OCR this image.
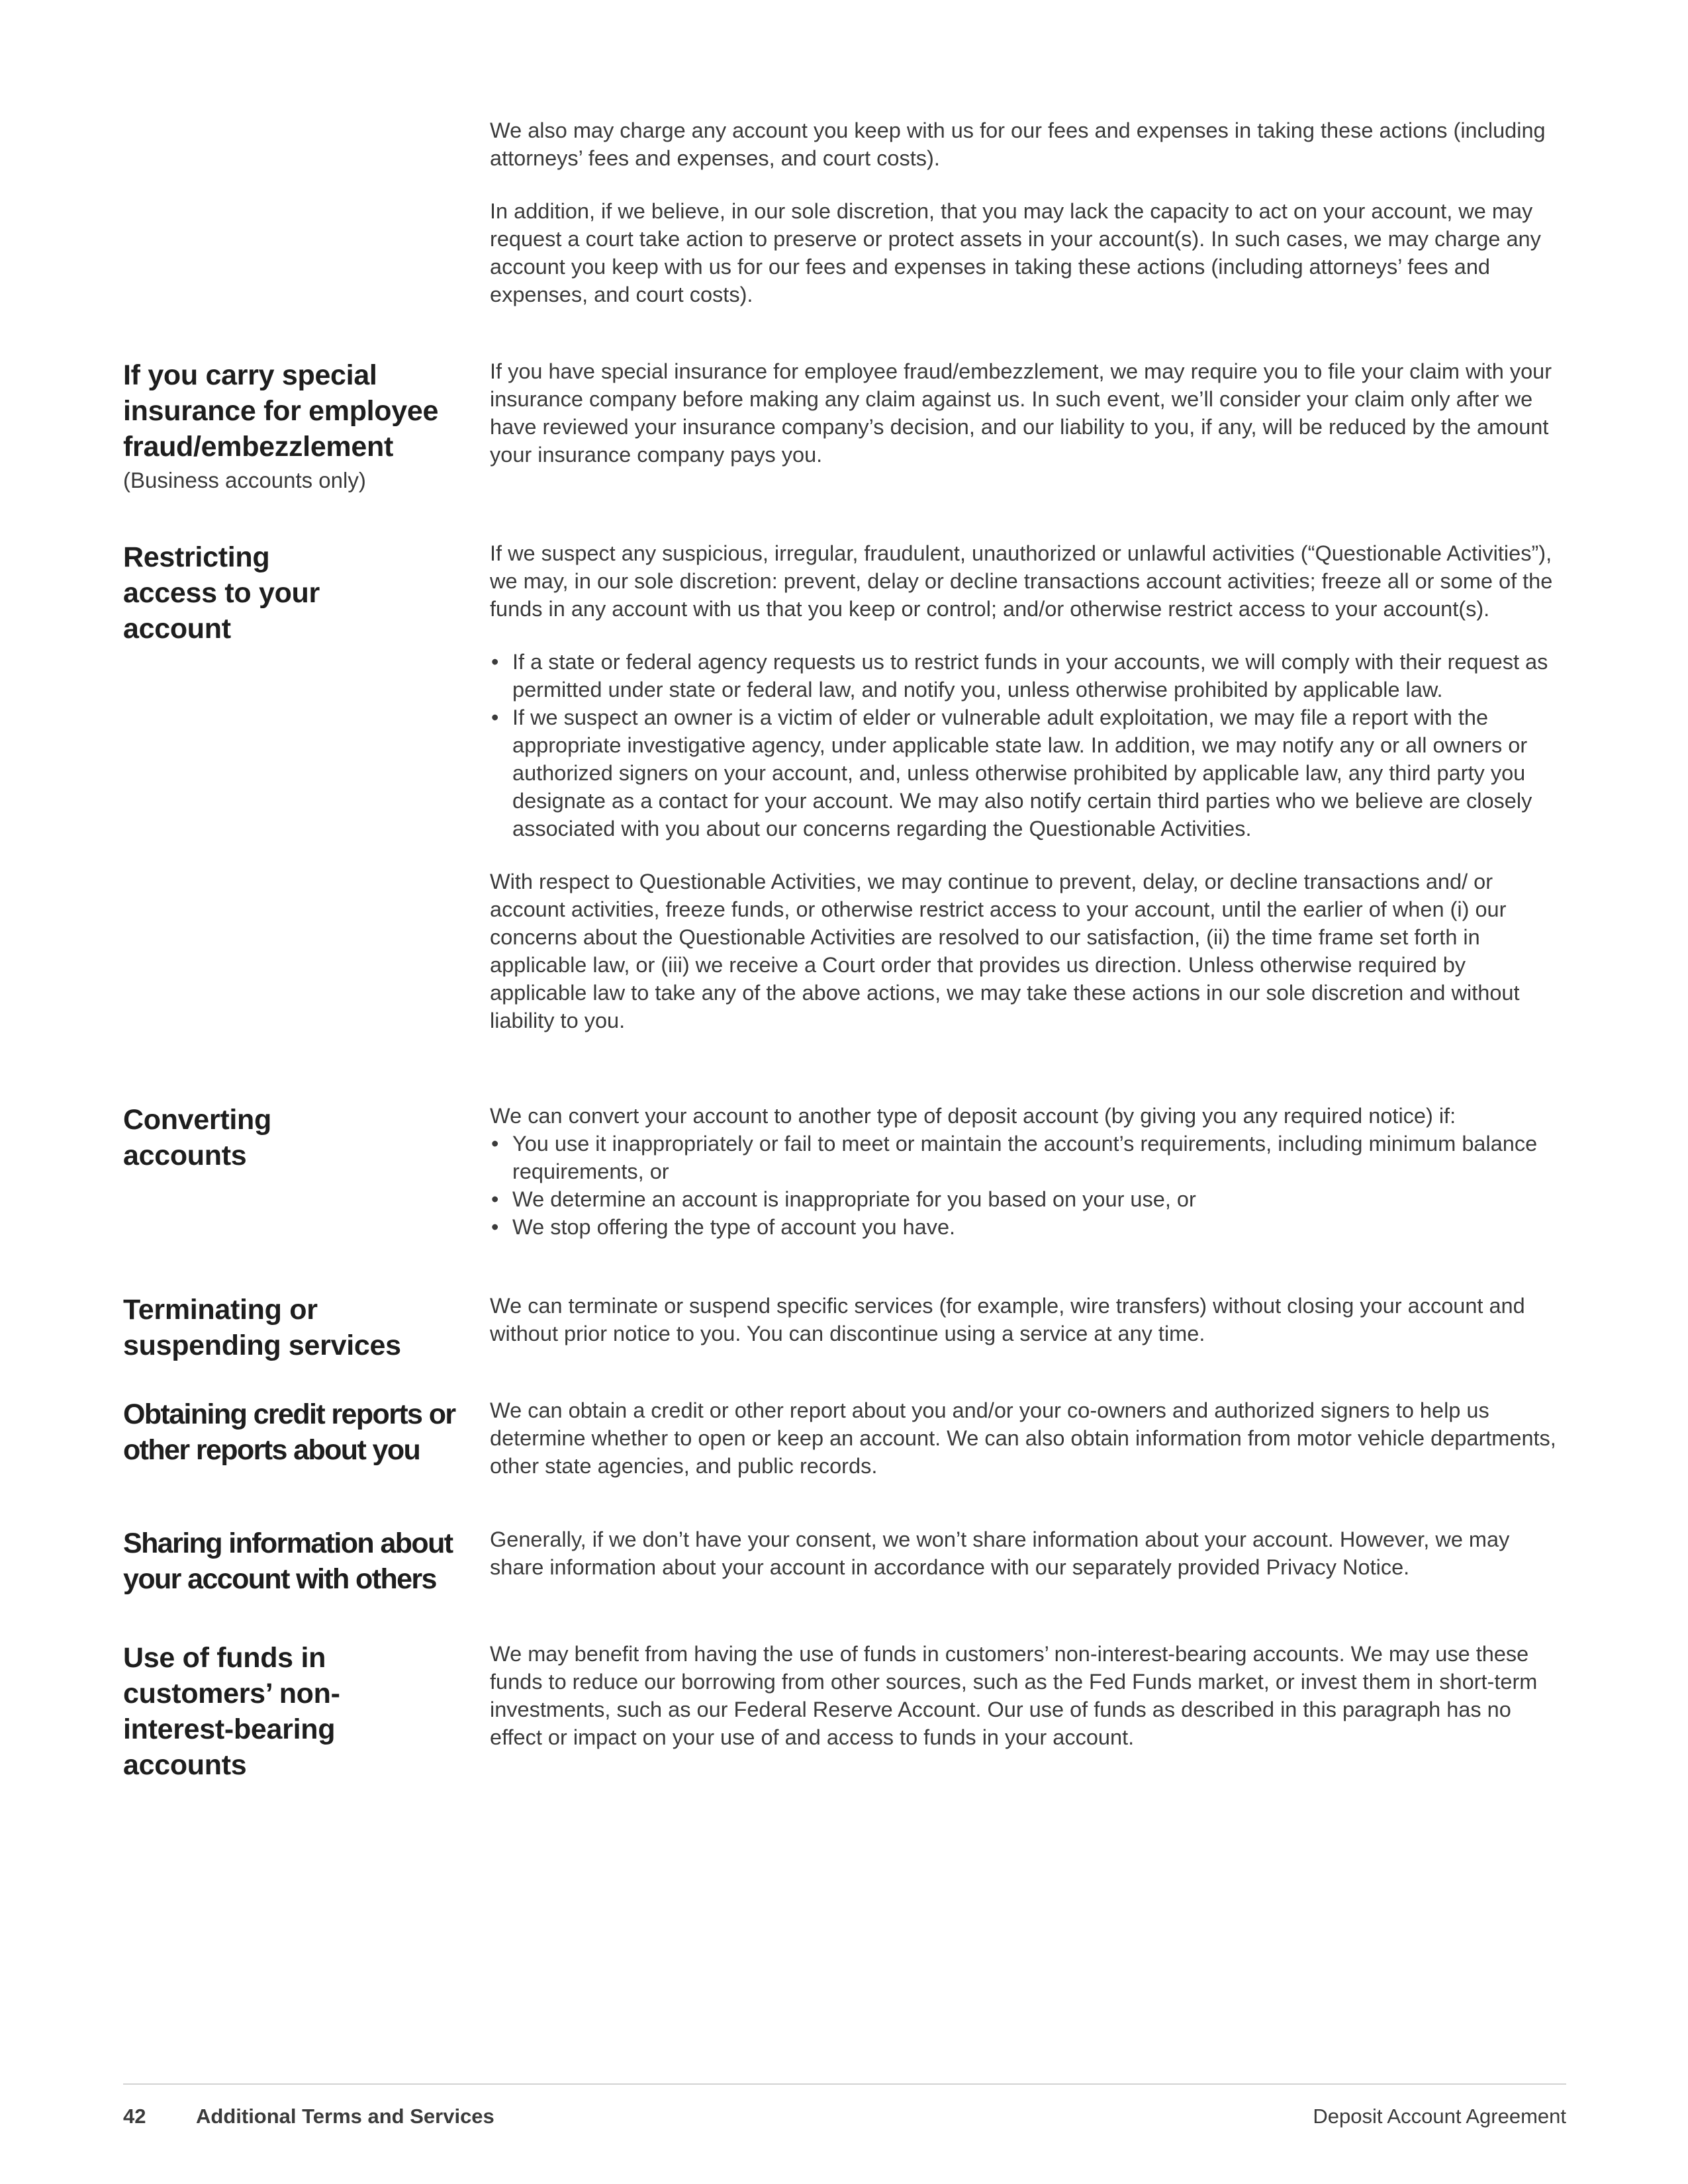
We also may charge any account you keep with us for our fees and expenses in taking these actions (including attorneys’ fees and expenses, and court costs).

In addition, if we believe, in our sole discretion, that you may lack the capacity to act on your account, we may request a court take action to preserve or protect assets in your account(s). In such cases, we may charge any account you keep with us for our fees and expenses in taking these actions (including attorneys’ fees and expenses, and court costs).

If you carry special insurance for employee fraud/embezzlement
(Business accounts only)

If you have special insurance for employee fraud/embezzlement, we may require you to file your claim with your insurance company before making any claim against us. In such event, we’ll consider your claim only after we have reviewed your insurance company’s decision, and our liability to you, if any, will be reduced by the amount your insurance company pays you.

Restricting access to your account

If we suspect any suspicious, irregular, fraudulent, unauthorized or unlawful activities (“Questionable Activities”), we may, in our sole discretion: prevent, delay or decline transactions account activities; freeze all or some of the funds in any account with us that you keep or control; and/or otherwise restrict access to your account(s).

• If a state or federal agency requests us to restrict funds in your accounts, we will comply with their request as permitted under state or federal law, and notify you, unless otherwise prohibited by applicable law.
• If we suspect an owner is a victim of elder or vulnerable adult exploitation, we may file a report with the appropriate investigative agency, under applicable state law. In addition, we may notify any or all owners or authorized signers on your account, and, unless otherwise prohibited by applicable law, any third party you designate as a contact for your account. We may also notify certain third parties who we believe are closely associated with you about our concerns regarding the Questionable Activities.

With respect to Questionable Activities, we may continue to prevent, delay, or decline transactions and/ or account activities, freeze funds, or otherwise restrict access to your account, until the earlier of when (i) our concerns about the Questionable Activities are resolved to our satisfaction, (ii) the time frame set forth in applicable law, or (iii) we receive a Court order that provides us direction. Unless otherwise required by applicable law to take any of the above actions, we may take these actions in our sole discretion and without liability to you.

Converting accounts

We can convert your account to another type of deposit account (by giving you any required notice) if:

• You use it inappropriately or fail to meet or maintain the account’s requirements, including minimum balance requirements, or
• We determine an account is inappropriate for you based on your use, or
• We stop offering the type of account you have.
Terminating or suspending services

We can terminate or suspend specific services (for example, wire transfers) without closing your account and without prior notice to you. You can discontinue using a service at any time.

Obtaining credit reports or other reports about you

We can obtain a credit or other report about you and/or your co-owners and authorized signers to help us determine whether to open or keep an account. We can also obtain information from motor vehicle departments, other state agencies, and public records.

Sharing information about your account with others

Generally, if we don’t have your consent, we won’t share information about your account. However, we may share information about your account in accordance with our separately provided Privacy Notice.

Use of funds in customers’ non-interest-bearing accounts

We may benefit from having the use of funds in customers’ non-interest-bearing accounts. We may use these funds to reduce our borrowing from other sources, such as the Fed Funds market, or invest them in short-term investments, such as our Federal Reserve Account. Our use of funds as described in this paragraph has no effect or impact on your use of and access to funds in your account.

42 Additional Terms and Services	Deposit Account Agreement
